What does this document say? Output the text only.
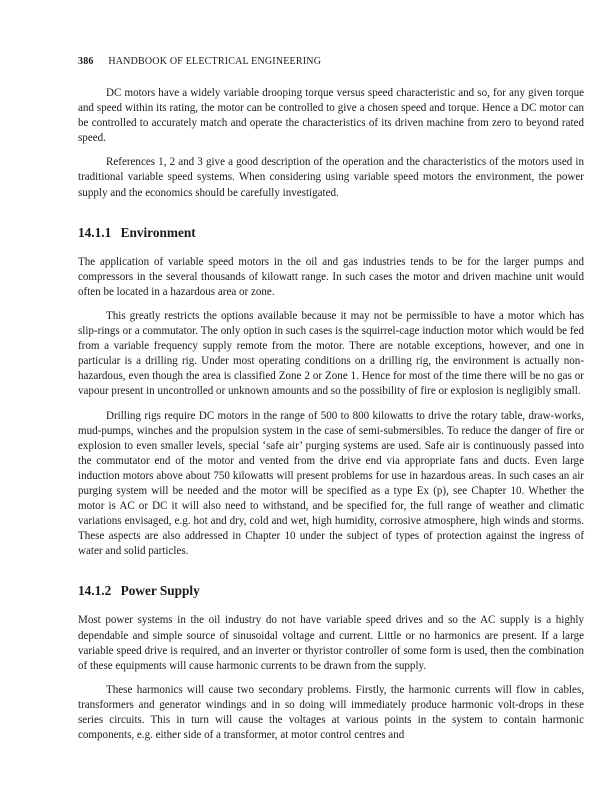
386 HANDBOOK OF ELECTRICAL ENGINEERING

DC motors have a widely variable drooping torque versus speed characteristic and so, for any given torque and speed within its rating, the motor can be controlled to give a chosen speed and torque. Hence a DC motor can be controlled to accurately match and operate the characteristics of its driven machine from zero to beyond rated speed.

References 1, 2 and 3 give a good description of the operation and the characteristics of the motors used in traditional variable speed systems. When considering using variable speed motors the environment, the power supply and the economics should be carefully investigated.

14.1.1 Environment

The application of variable speed motors in the oil and gas industries tends to be for the larger pumps and compressors in the several thousands of kilowatt range. In such cases the motor and driven machine unit would often be located in a hazardous area or zone.

This greatly restricts the options available because it may not be permissible to have a motor which has slip-rings or a commutator. The only option in such cases is the squirrel-cage induction motor which would be fed from a variable frequency supply remote from the motor. There are notable exceptions, however, and one in particular is a drilling rig. Under most operating conditions on a drilling rig, the environment is actually non-hazardous, even though the area is classified Zone 2 or Zone 1. Hence for most of the time there will be no gas or vapour present in uncontrolled or unknown amounts and so the possibility of fire or explosion is negligibly small.

Drilling rigs require DC motors in the range of 500 to 800 kilowatts to drive the rotary table, draw-works, mud-pumps, winches and the propulsion system in the case of semi-submersibles. To reduce the danger of fire or explosion to even smaller levels, special ‘safe air’ purging systems are used. Safe air is continuously passed into the commutator end of the motor and vented from the drive end via appropriate fans and ducts. Even large induction motors above about 750 kilowatts will present problems for use in hazardous areas. In such cases an air purging system will be needed and the motor will be specified as a type Ex (p), see Chapter 10. Whether the motor is AC or DC it will also need to withstand, and be specified for, the full range of weather and climatic variations envisaged, e.g. hot and dry, cold and wet, high humidity, corrosive atmosphere, high winds and storms. These aspects are also addressed in Chapter 10 under the subject of types of protection against the ingress of water and solid particles.

14.1.2 Power Supply

Most power systems in the oil industry do not have variable speed drives and so the AC supply is a highly dependable and simple source of sinusoidal voltage and current. Little or no harmonics are present. If a large variable speed drive is required, and an inverter or thyristor controller of some form is used, then the combination of these equipments will cause harmonic currents to be drawn from the supply.

These harmonics will cause two secondary problems. Firstly, the harmonic currents will flow in cables, transformers and generator windings and in so doing will immediately produce harmonic volt-drops in these series circuits. This in turn will cause the voltages at various points in the system to contain harmonic components, e.g. either side of a transformer, at motor control centres and
